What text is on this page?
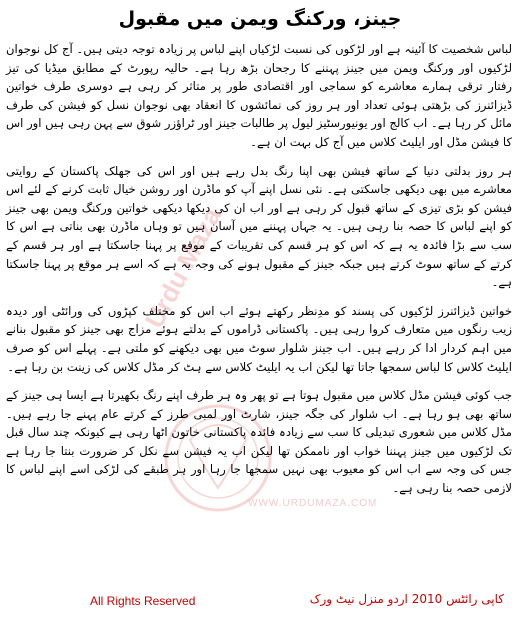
Urdu Maza
WWW.URDUMAZA.COM
جینز، ورکنگ ویمن میں مقبول

لباس شخصیت کا آئینہ ہے اور لڑکوں کی نسبت لڑکیاں اپنے لباس پر زیادہ توجہ دیتی ہیں۔ آج کل نوجوان لڑکیوں اور ورکنگ ویمن میں جینز پہننے کا رجحان بڑھ رہا ہے۔ حالیہ رپورٹ کے مطابق میڈیا کی تیز رفتار ترقی ہمارے معاشرے کو سماجی اور اقتصادی طور پر متاثر کر رہی ہے دوسری طرف خواتین ڈیزائنرز کی بڑھتی ہوئی تعداد اور ہر روز کی نمائشوں کا انعقاد بھی نوجوان نسل کو فیشن کی طرف مائل کر رہا ہے۔ اب کالج اور یونیورسٹیز لیول پر طالبات جینز اور ٹراؤزر شوق سے پہن رہی ہیں اور اس کا فیشن مڈل اور ایلیٹ کلاس میں آج کل بہت ان ہے۔

ہر روز بدلتی دنیا کے ساتھ فیشن بھی اپنا رنگ بدل رہے ہیں اور اس کی جھلک پاکستان کے روایتی معاشرے میں بھی دیکھی جاسکتی ہے۔ نئی نسل اپنے آپ کو ماڈرن اور روشن خیال ثابت کرنے کے لئے اس فیشن کو بڑی تیزی کے ساتھ قبول کر رہی ہے اور اب ان کی دیکھا دیکھی خواتین ورکنگ ویمن بھی جینز کو اپنے لباس کا حصہ بنا رہی ہیں۔ یہ جہاں پہننے میں آسان ہیں تو وہاں ماڈرن بھی بناتی ہے اس کا سب سے بڑا فائدہ یہ ہے کہ اس کو ہر قسم کی تقریبات کے موقع پر پہنا جاسکتا ہے اور ہر قسم کے کرتے کے ساتھ سوٹ کرتے ہیں جبکہ جینز کے مقبول ہونے کی وجہ یہ ہے کہ اسے ہر موقع پر پہنا جاسکتا ہے۔

خواتین ڈیزائنرز لڑکیوں کی پسند کو مدِنظر رکھتے ہوئے اب اس کو مختلف کپڑوں کی ورائٹی اور دیدہ زیب رنگوں میں متعارف کروا رہی ہیں۔ پاکستانی ڈراموں کے بدلتے ہوئے مزاج بھی جینز کو مقبول بنانے میں اہم کردار ادا کر رہے ہیں۔ اب جینز شلوار سوٹ میں بھی دیکھنے کو ملتی ہے۔ پہلے اس کو صرف ایلیٹ کلاس کا لباس سمجھا جاتا تھا لیکن اب یہ ایلیٹ کلاس سے ہٹ کر مڈل کلاس کی زینت بن رہا ہے۔

جب کوئی فیشن مڈل کلاس میں مقبول ہوتا ہے تو پھر وہ ہر طرف اپنے رنگ بکھیرتا ہے ایسا ہی جینز کے ساتھ بھی ہو رہا ہے۔ اب شلوار کی جگہ جینز، شارٹ اور لمبی طرز کے کرتے عام پہنے جا رہے ہیں۔ مڈل کلاس میں شعوری تبدیلی کا سب سے زیادہ فائدہ پاکستانی خاتون اٹھا رہی ہے کیونکہ چند سال قبل تک لڑکیوں میں جینز پہننا خواب اور ناممکن تھا لیکن اب یہ فیشن سے نکل کر ضرورت بنتا جا رہا ہے جس کی وجہ سے اب اس کو معیوب بھی نہیں سمجھا جا رہا اور ہر طبقے کی لڑکی اسے اپنے لباس کا لازمی حصہ بنا رہی ہے۔

All Rights Reserved	کاپی رائٹس 2010 اردو منزل نیٹ ورک
